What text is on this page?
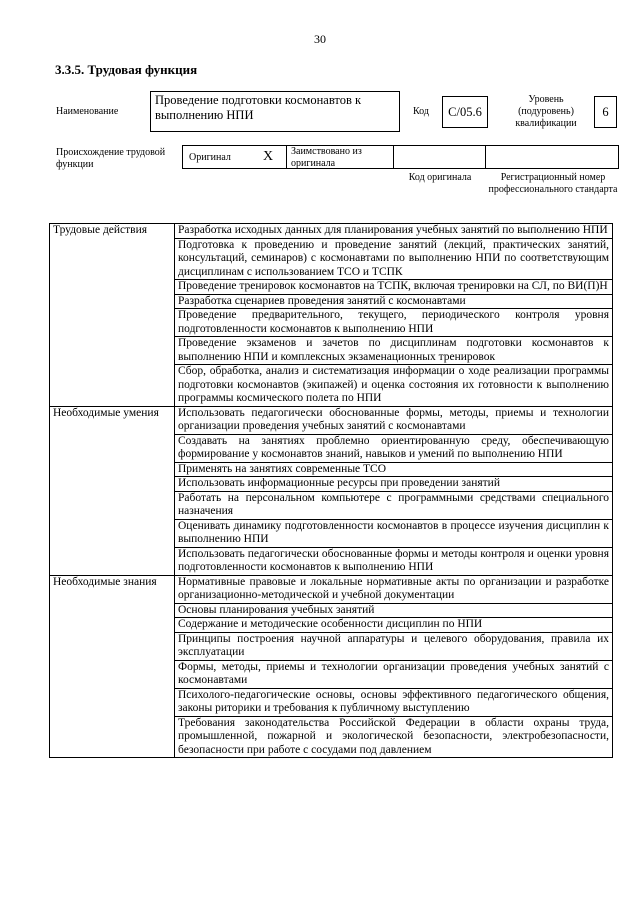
30
3.3.5. Трудовая функция
Наименование
Проведение подготовки космонавтов к выполнению НПИ	Код	С/05.6
Уровень (подуровень) квалификации
6
Происхождение трудовой функции
Оригинал X Заимствовано из оригинала
Код оригинала	Регистрационный номер профессионального стандарта
Трудовые действия	Разработка исходных данных для планирования учебных занятий по выполнению НПИ
	Подготовка к проведению и проведение занятий (лекций, практических занятий, консультаций, семинаров) с космонавтами по выполнению НПИ по соответствующим дисциплинам с использованием ТСО и ТСПК
	Проведение тренировок космонавтов на ТСПК, включая тренировки на СЛ, по ВИ(П)Н
	Разработка сценариев проведения занятий с космонавтами
	Проведение предварительного, текущего, периодического контроля уровня подготовленности космонавтов к выполнению НПИ
	Проведение экзаменов и зачетов по дисциплинам подготовки космонавтов к выполнению НПИ и комплексных экзаменационных тренировок
	Сбор, обработка, анализ и систематизация информации о ходе реализации программы подготовки космонавтов (экипажей) и оценка состояния их готовности к выполнению программы космического полета по НПИ
Необходимые умения	Использовать педагогически обоснованные формы, методы, приемы и технологии организации проведения учебных занятий с космонавтами
	Создавать на занятиях проблемно ориентированную среду, обеспечивающую формирование у космонавтов знаний, навыков и умений по выполнению НПИ
	Применять на занятиях современные ТСО
	Использовать информационные ресурсы при проведении занятий
	Работать на персональном компьютере с программными средствами специального назначения
	Оценивать динамику подготовленности космонавтов в процессе изучения дисциплин к выполнению НПИ
	Использовать педагогически обоснованные формы и методы контроля и оценки уровня подготовленности космонавтов к выполнению НПИ
Необходимые знания	Нормативные правовые и локальные нормативные акты по организации и разработке организационно-методической и учебной документации
	Основы планирования учебных занятий
	Содержание и методические особенности дисциплин по НПИ
	Принципы построения научной аппаратуры и целевого оборудования, правила их эксплуатации
	Формы, методы, приемы и технологии организации проведения учебных занятий с космонавтами
	Психолого-педагогические основы, основы эффективного педагогического общения, законы риторики и требования к публичному выступлению
	Требования законодательства Российской Федерации в области охраны труда, промышленной, пожарной и экологической безопасности, электробезопасности, безопасности при работе с сосудами под давлением
